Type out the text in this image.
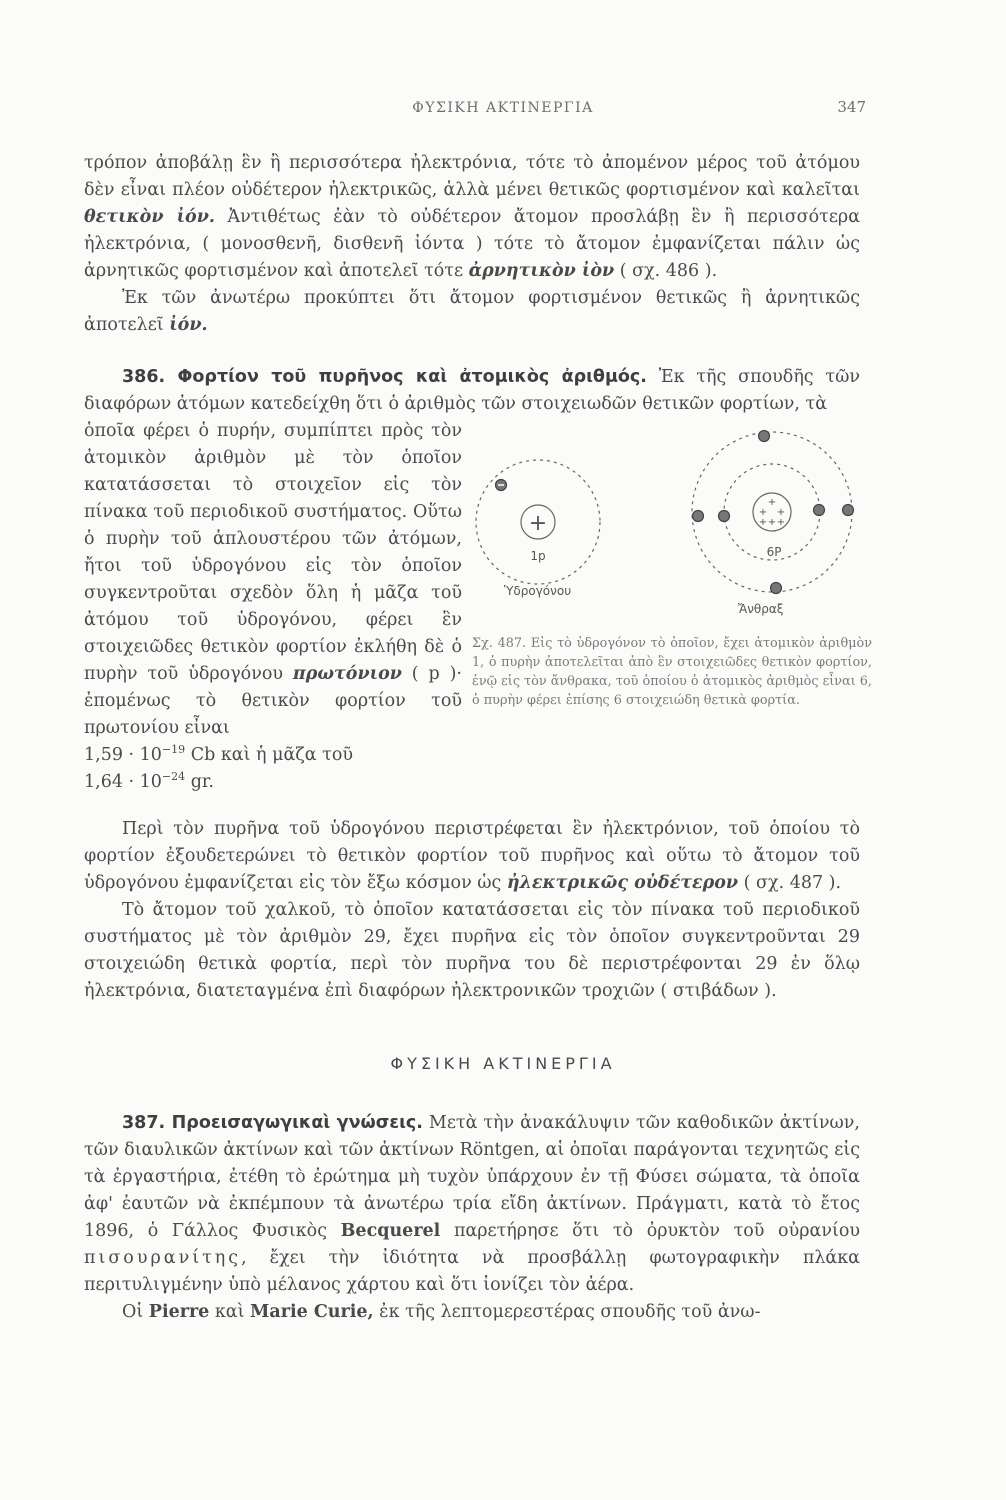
ΦΥΣΙΚΗ ΑΚΤΙΝΕΡΓΙΑ	347

τρόπον ἀποβάλῃ ἓν ἢ περισσότερα ἠλεκτρόνια, τότε τὸ ἀπομένον μέρος τοῦ ἀτόμου δὲν εἶναι πλέον οὐδέτερον ἠλεκτρικῶς, ἀλλὰ μένει θετικῶς φορτισμένον καὶ καλεῖται θετικὸν ἰόν. Ἀντιθέτως ἐὰν τὸ οὐδέτερον ἄτομον προσλάβῃ ἓν ἢ περισσότερα ἠλεκτρόνια, ( μονοσθενῆ, δισθενῆ ἰόντα ) τότε τὸ ἄτομον ἐμφανίζεται πάλιν ὡς ἀρνητικῶς φορτισμένον καὶ ἀποτελεῖ τότε ἀρνητικὸν ἰὸν ( σχ. 486 ).

Ἐκ τῶν ἀνωτέρω προκύπτει ὅτι ἄτομον φορτισμένον θετικῶς ἢ ἀρνητικῶς ἀποτελεῖ ἰόν.

386. Φορτίον τοῦ πυρῆνος καὶ ἀτομικὸς ἀριθμός. Ἐκ τῆς σπουδῆς τῶν διαφόρων ἀτόμων κατεδείχθη ὅτι ὁ ἀριθμὸς τῶν στοιχειωδῶν θετικῶν φορτίων, τὰ

ὁποῖα φέρει ὁ πυρήν, συμπίπτει πρὸς τὸν ἀτομικὸν ἀριθμὸν μὲ τὸν ὁποῖον κατατάσσεται τὸ στοιχεῖον εἰς τὸν πίνακα τοῦ περιοδικοῦ συστήματος. Οὕτω ὁ πυρὴν τοῦ ἁπλουστέρου τῶν ἀτόμων, ἤτοι τοῦ ὑδρογόνου εἰς τὸν ὁποῖον συγκεντροῦται σχεδὸν ὅλη ἡ μᾶζα τοῦ ἀτόμου τοῦ ὑδρογόνου, φέρει ἓν στοιχειῶδες θετικὸν φορτίον ἐκλήθη δὲ ὁ πυρὴν τοῦ ὑδρογόνου πρωτόνιον ( p )· ἐπομένως τὸ θετικὸν φορτίον τοῦ πρωτονίου εἶναι

$1,59 \cdot 10^{-19}$ Cb καὶ ἡ μᾶζα τοῦ

$1,64 \cdot 10^{-24}$ gr.

+
1p
+
+ +
+ + +
6P
Ὑδρογόνου
Ἄνθραξ
Σχ. 487. Εἰς τὸ ὑδρογόνον τὸ ὁποῖον, ἔχει ἀτομικὸν ἀριθμὸν 1, ὁ πυρὴν ἀποτελεῖται ἀπὸ ἓν στοιχειῶδες θετικὸν φορτίον, ἐνῷ εἰς τὸν ἄνθρακα, τοῦ ὁποίου ὁ ἀτομικὸς ἀριθμὸς εἶναι 6, ὁ πυρὴν φέρει ἐπίσης 6 στοιχειώδη θετικὰ φορτία.

Περὶ τὸν πυρῆνα τοῦ ὑδρογόνου περιστρέφεται ἓν ἠλεκτρόνιον, τοῦ ὁποίου τὸ φορτίον ἐξουδετερώνει τὸ θετικὸν φορτίον τοῦ πυρῆνος καὶ οὕτω τὸ ἄτομον τοῦ ὑδρογόνου ἐμφανίζεται εἰς τὸν ἔξω κόσμον ὡς ἠλεκτρικῶς οὐδέτερον ( σχ. 487 ).

Τὸ ἄτομον τοῦ χαλκοῦ, τὸ ὁποῖον κατατάσσεται εἰς τὸν πίνακα τοῦ περιοδικοῦ συστήματος μὲ τὸν ἀριθμὸν 29, ἔχει πυρῆνα εἰς τὸν ὁποῖον συγκεντροῦνται 29 στοιχειώδη θετικὰ φορτία, περὶ τὸν πυρῆνα του δὲ περιστρέφονται 29 ἐν ὅλῳ ἠλεκτρόνια, διατεταγμένα ἐπὶ διαφόρων ἠλεκτρονικῶν τροχιῶν ( στιβάδων ).

ΦΥΣΙΚΗ ΑΚΤΙΝΕΡΓΙΑ

387. Προεισαγωγικαὶ γνώσεις. Μετὰ τὴν ἀνακάλυψιν τῶν καθοδικῶν ἀκτίνων, τῶν διαυλικῶν ἀκτίνων καὶ τῶν ἀκτίνων Röntgen, αἱ ὁποῖαι παράγονται τεχνητῶς εἰς τὰ ἐργαστήρια, ἐτέθη τὸ ἐρώτημα μὴ τυχὸν ὑπάρχουν ἐν τῇ Φύσει σώματα, τὰ ὁποῖα ἀφ' ἑαυτῶν νὰ ἐκπέμπουν τὰ ἀνωτέρω τρία εἴδη ἀκτίνων. Πράγματι, κατὰ τὸ ἔτος 1896, ὁ Γάλλος Φυσικὸς Becquerel παρετήρησε ὅτι τὸ ὀρυκτὸν τοῦ οὐρανίου πισουρανίτης, ἔχει τὴν ἰδιότητα νὰ προσβάλλῃ φωτογραφικὴν πλάκα περιτυλιγμένην ὑπὸ μέλανος χάρτου καὶ ὅτι ἰονίζει τὸν ἀέρα.

Οἱ Pierre καὶ Marie Curie, ἐκ τῆς λεπτομερεστέρας σπουδῆς τοῦ ἀνω-
